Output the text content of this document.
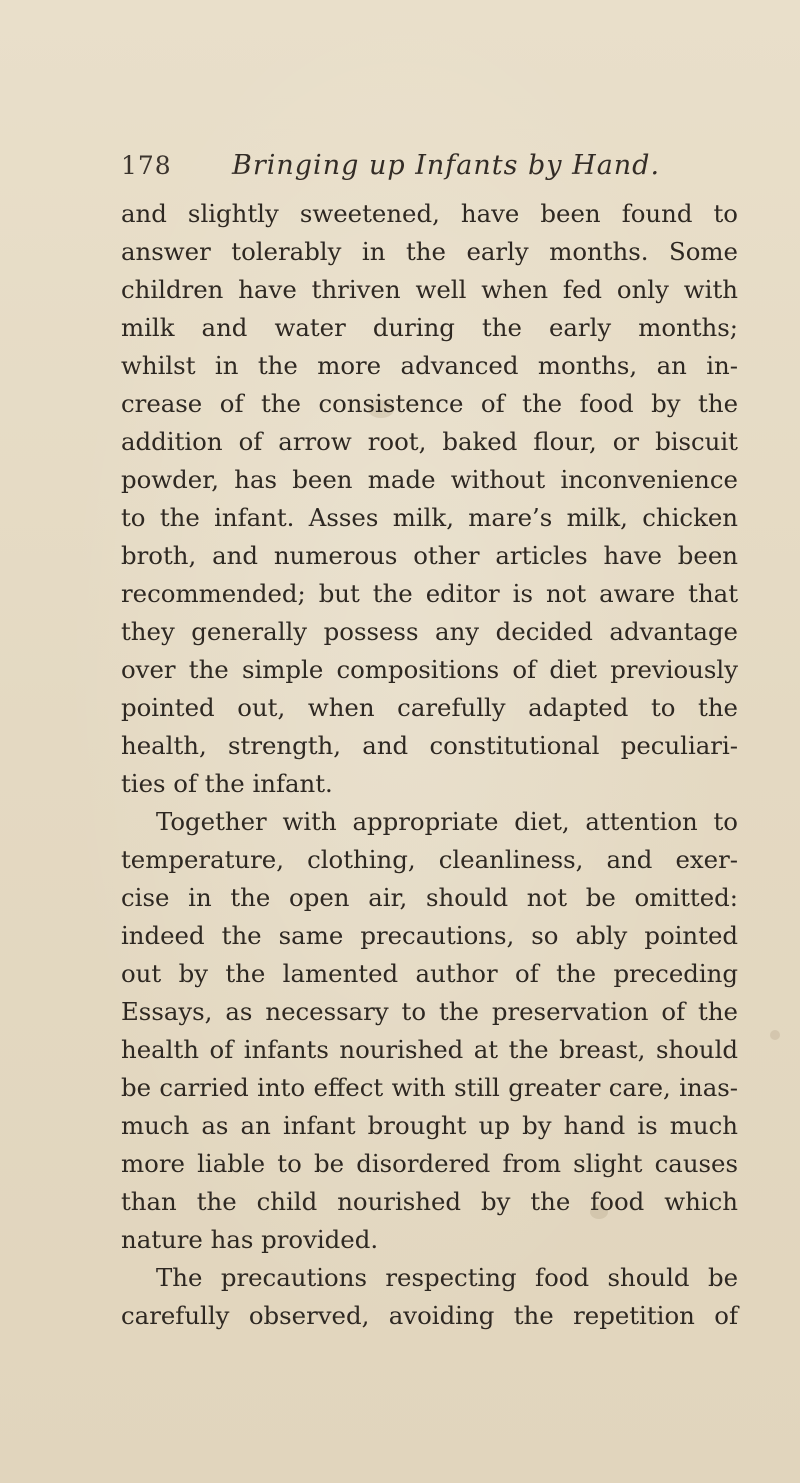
178	Bringing up Infants by Hand.
and slightly sweetened, have been found to
answer tolerably in the early months. Some
children have thriven well when fed only with
milk and water during the early months;
whilst in the more advanced months, an in-
crease of the consistence of the food by the
addition of arrow root, baked flour, or biscuit
powder, has been made without inconvenience
to the infant. Asses milk, mare’s milk, chicken
broth, and numerous other articles have been
recommended; but the editor is not aware that
they generally possess any decided advantage
over the simple compositions of diet previously
pointed out, when carefully adapted to the
health, strength, and constitutional peculiari-
ties of the infant.
Together with appropriate diet, attention to
temperature, clothing, cleanliness, and exer-
cise in the open air, should not be omitted:
indeed the same precautions, so ably pointed
out by the lamented author of the preceding
Essays, as necessary to the preservation of the
health of infants nourished at the breast, should
be carried into effect with still greater care, inas-
much as an infant brought up by hand is much
more liable to be disordered from slight causes
than the child nourished by the food which
nature has provided.
The precautions respecting food should be
carefully observed, avoiding the repetition of
